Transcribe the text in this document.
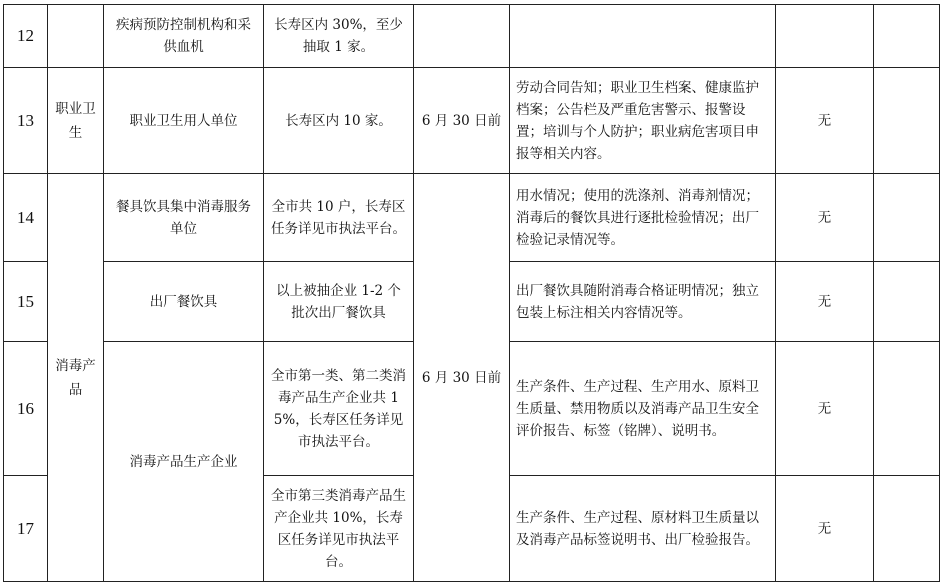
12		疾病预防控制机构和采供血机	长寿区内 30%，至少抽取 1 家。				
13	职业卫生	职业卫生用人单位	长寿区内 10 家。	6 月 30 日前	劳动合同告知；职业卫生档案、健康监护档案；公告栏及严重危害警示、报警设置；培训与个人防护；职业病危害项目申报等相关内容。	无	
14	消毒产品	餐具饮具集中消毒服务单位	全市共 10 户，长寿区任务详见市执法平台。	6 月 30 日前	用水情况；使用的洗涤剂、消毒剂情况；消毒后的餐饮具进行逐批检验情况；出厂检验记录情况等。	无	
15		出厂餐饮具	以上被抽企业 1-2 个批次出厂餐饮具		出厂餐饮具随附消毒合格证明情况；独立包装上标注相关内容情况等。	无	
16		消毒产品生产企业	全市第一类、第二类消毒产品生产企业共 15%，长寿区任务详见市执法平台。		生产条件、生产过程、生产用水、原料卫生质量、禁用物质以及消毒产品卫生安全评价报告、标签（铭牌）、说明书。	无	
17			全市第三类消毒产品生产企业共 10%，长寿区任务详见市执法平台。		生产条件、生产过程、原材料卫生质量以及消毒产品标签说明书、出厂检验报告。	无	
